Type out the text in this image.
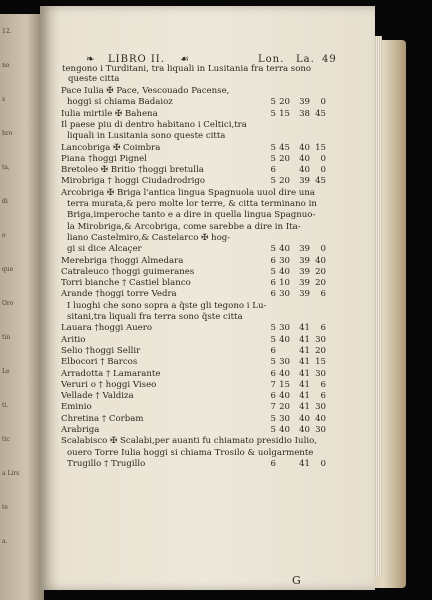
12.
no
s
hro
ta,
di
o
que
Oro
tin
Le
ti.
tic
a Lirs
te
a.
❧ LIBRO II. ☙	Lon. La. 49
tengono i Turditani, tra liquali in Lusitania fra terra sono
queste citta
Pace Iulia ✠ Pace, Vescouado Pacense,
hoggi si chiama Badaioz	5 20 39	0
Iulia mirtile ✠ Bahena	5 15 38 45
Il paese piu di dentro habitano i Celtici,tra
liquali in Lusitania sono queste citta
Lancobriga ✠ Coimbra	5 45 40 15
Piana †hoggi Pignel	5 20 40	0
Bretoleo ✠ Britio †hoggi bretulla	6	40	0
Mirobriga † hoggi Ciudadrodrigo	5 20 39 45
Arcobriga ✠ Briga l'antica lingua Spagnuola uuol dire una
terra murata,& pero molte lor terre, & citta terminano in
Briga,imperoche tanto e a dire in quella lingua Spagnuo-
la Mirobriga,& Arcobriga, come sarebbe a dire in Ita-
liano Castelmiro,& Castelarco ✠ hog-
gi si dice Alcaçer	5 40 39	0
Merebriga †hoggi Almedara	6 30 39 40
Catraleuco †hoggi guimeranes	5 40 39 20
Torri bianche † Castiel blanco	6 10 39 20
Arande †hoggi torre Vedra	6 30 39	6
I luoghi che sono sopra a q̃ste gli tegono i Lu-
sitani,tra liquali fra terra sono q̃ste citta
Lauara †hoggi Auero	5 30 41	6
Aritio	5 40 41 30
Selio †hoggi Sellir	6	41 20
Elbocori † Barcos	5 30 41 15
Arradotta † Lamarante	6 40 41 30
Veruri o † hoggi Viseo	7 15 41	6
Vellade † Valdiza	6 40 41	6
Eminio	7 20 41 30
Chretina † Corbam	5 30 40 40
Arabriga	5 40 40 30
Scalabisco ✠ Scalabi,per auanti fu chiamato presidio Iulio,
ouero Torre Iulia hoggi si chiama Trosilo & uolgarmente
Trugillo † Trugillo	6	41	0
G
